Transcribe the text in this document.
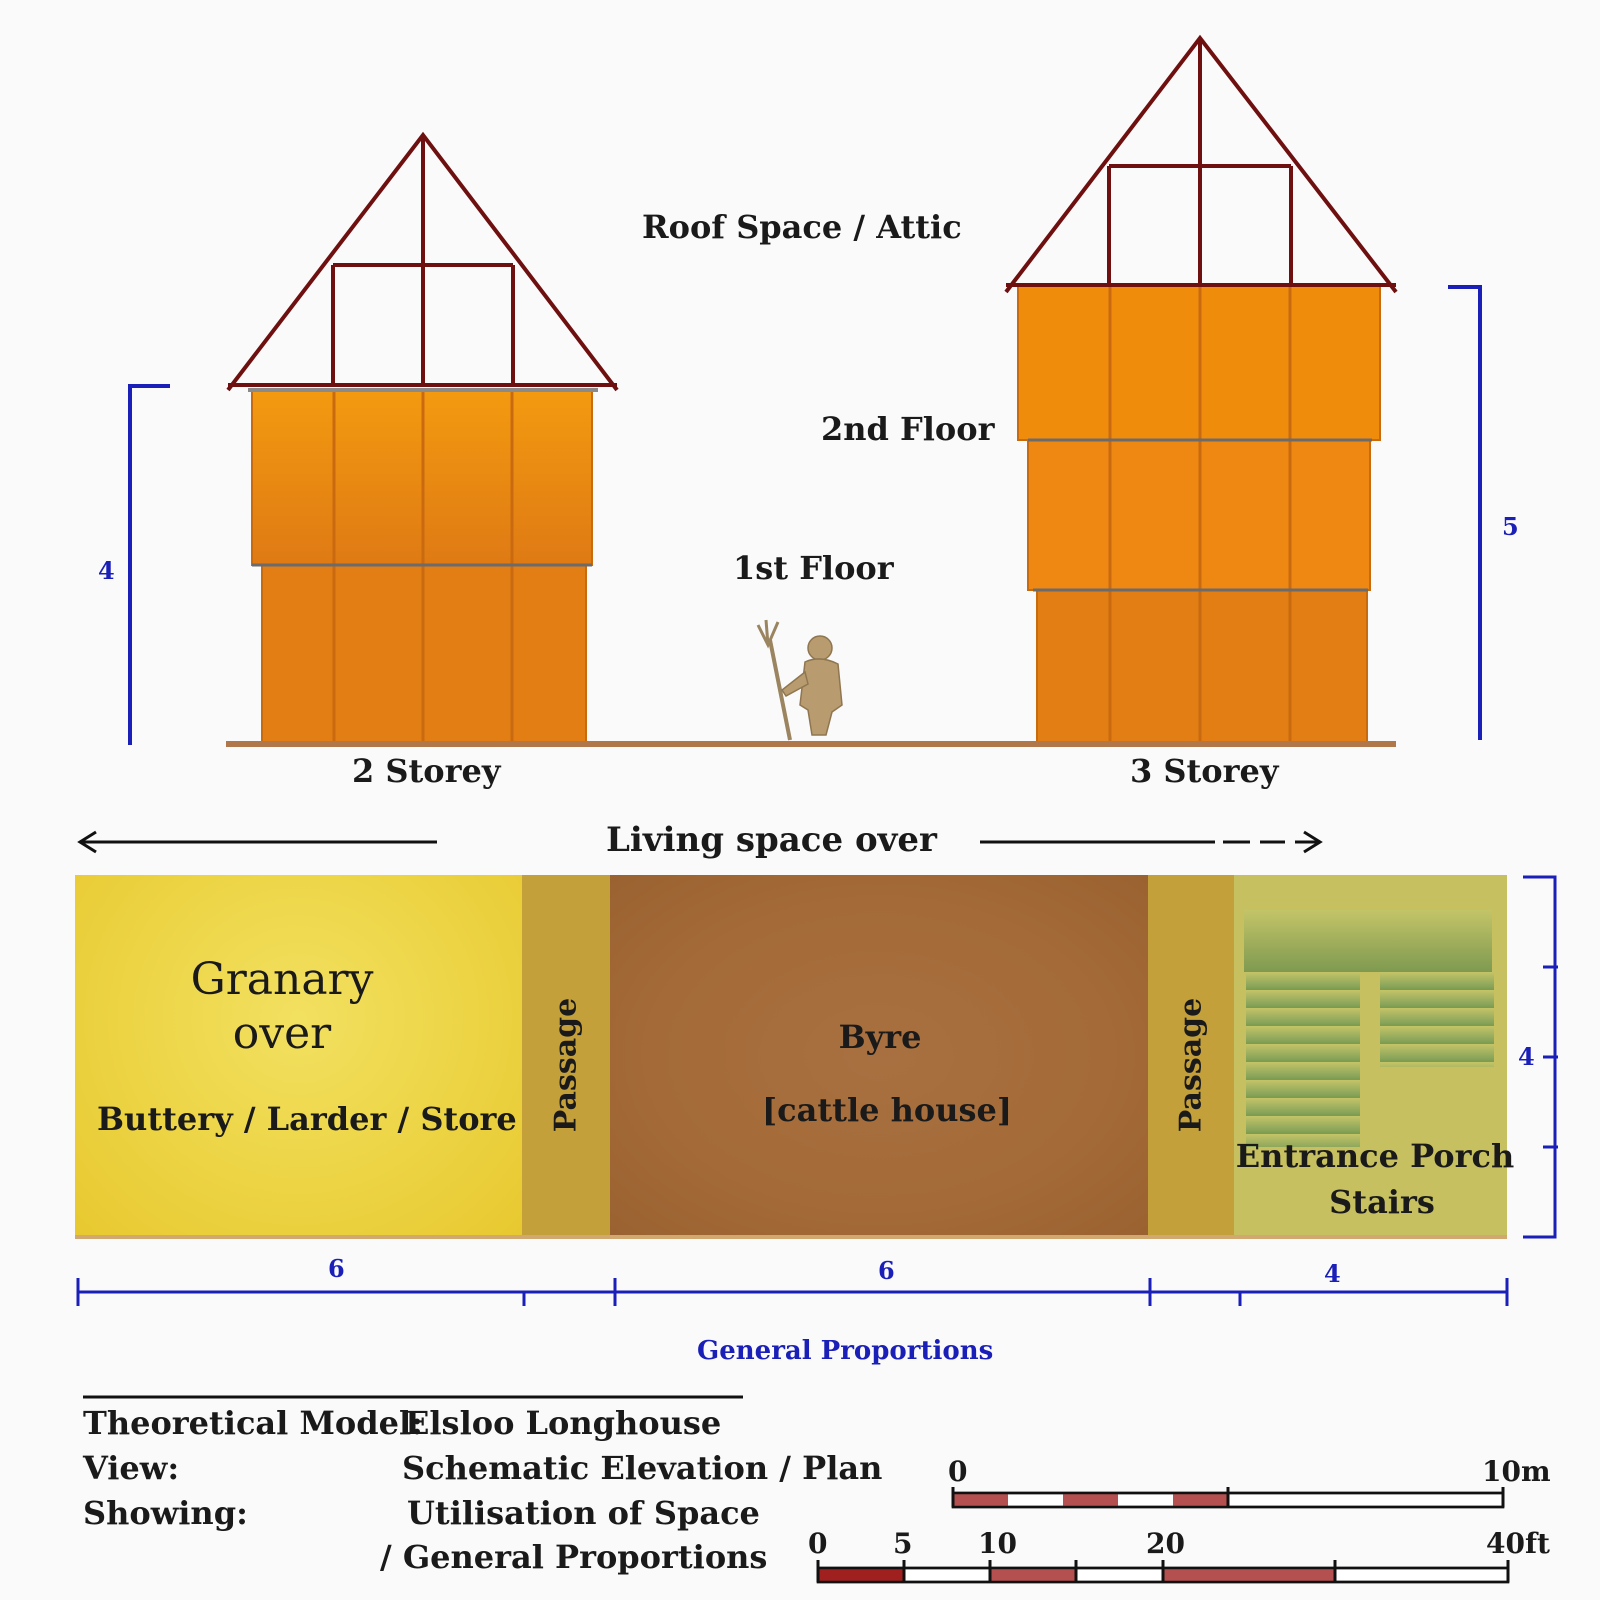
Roof Space / Attic
2nd Floor
1st Floor
2 Storey	3 Storey
4
5
Living space over
Granary
over
Buttery / Larder / Store Passage	Byre
[cattle house]	Passage
Entrance Porch
Stairs
4
6	6	4
General Proportions
Theoretical Model:
Elsloo Longhouse
View:	Schematic Elevation / Plan
Showing:	Utilisation of Space
/ General Proportions
0	10m
0 5 10	20	40ft
